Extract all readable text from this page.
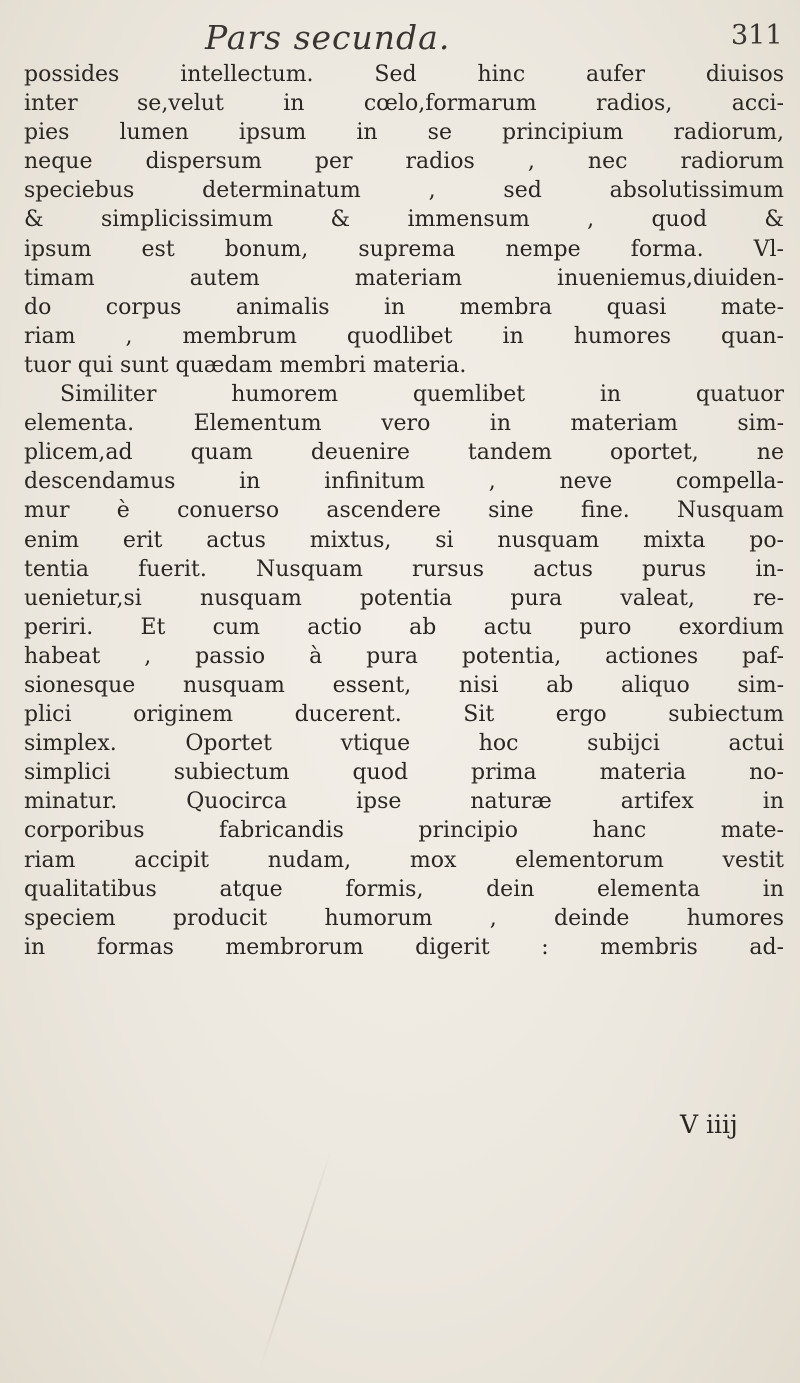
Pars secunda.	311
possides intellectum. Sed hinc aufer diuisos
inter se,velut in cœlo,formarum radios, acci-
pies lumen ipsum in se principium radiorum,
neque dispersum per radios , nec radiorum
speciebus determinatum , sed absolutissimum
& simplicissimum & immensum , quod &
ipsum est bonum, suprema nempe forma. Vl-
timam autem materiam inueniemus,diuiden-
do corpus animalis in membra quasi mate-
riam , membrum quodlibet in humores quan-
tuor qui sunt quædam membri materia.
Similiter humorem quemlibet in quatuor
elementa. Elementum vero in materiam sim-
plicem,ad quam deuenire tandem oportet, ne
descendamus in infinitum , neve compella-
mur è conuerso ascendere sine fine. Nusquam
enim erit actus mixtus, si nusquam mixta po-
tentia fuerit. Nusquam rursus actus purus in-
uenietur,si nusquam potentia pura valeat, re-
periri. Et cum actio ab actu puro exordium
habeat , passio à pura potentia, actiones paf-
sionesque nusquam essent, nisi ab aliquo sim-
plici originem ducerent. Sit ergo subiectum
simplex. Oportet vtique hoc subijci actui
simplici subiectum quod prima materia no-
minatur. Quocirca ipse naturæ artifex in
corporibus fabricandis principio hanc mate-
riam accipit nudam, mox elementorum vestit
qualitatibus atque formis, dein elementa in
speciem producit humorum , deinde humores
in formas membrorum digerit : membris ad-
V iiij
